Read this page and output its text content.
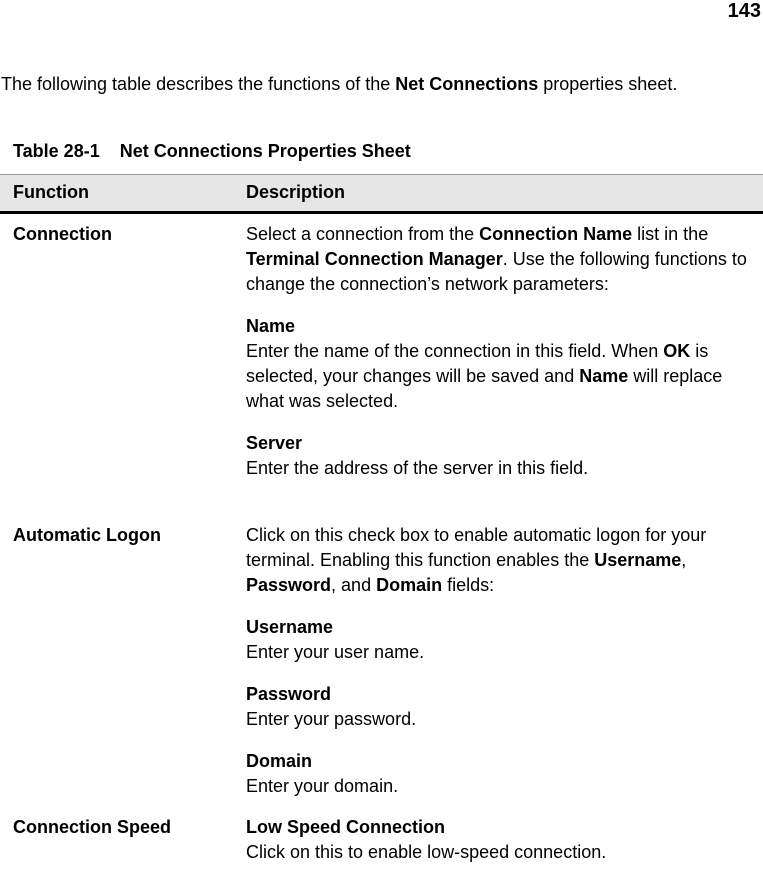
143
The following table describes the functions of the Net Connections properties sheet.
Table 28-1    Net Connections Properties Sheet
Function	Description
Connection	Select a connection from the Connection Name list in the Terminal Connection Manager. Use the following functions to change the connection’s network parameters:

Name
Enter the name of the connection in this field. When OK is selected, your changes will be saved and Name will replace what was selected.

Server
Enter the address of the server in this field.

Automatic Logon	Click on this check box to enable automatic logon for your terminal. Enabling this function enables the Username, Password, and Domain fields:

Username
Enter your user name.

Password
Enter your password.

Domain
Enter your domain.

Connection Speed	Low Speed Connection
Click on this to enable low-speed connection.
